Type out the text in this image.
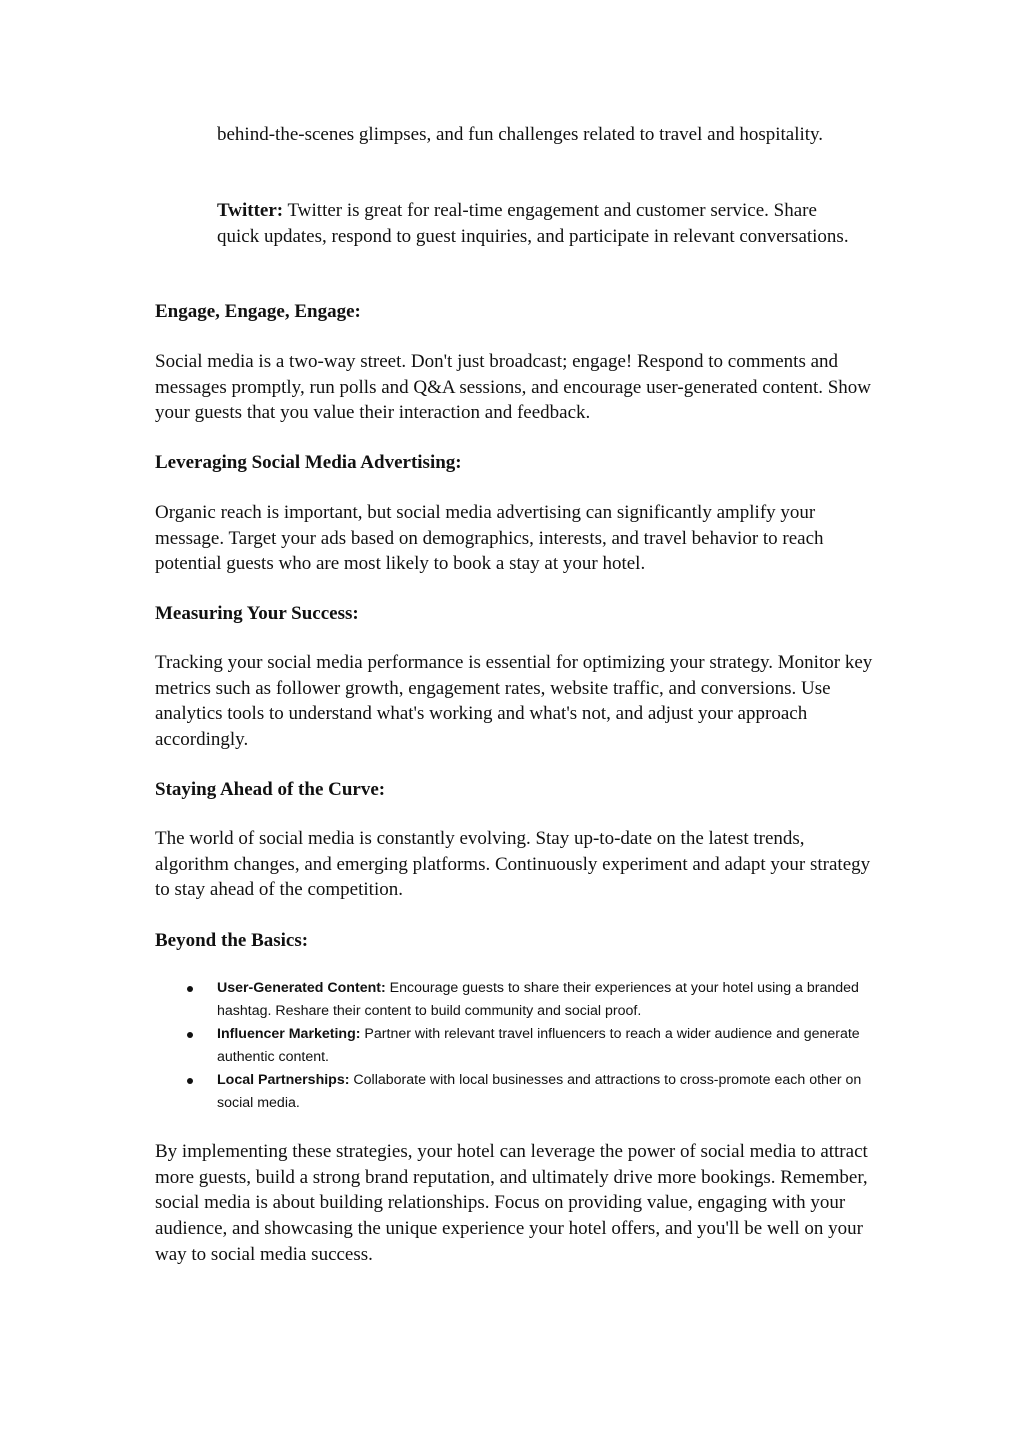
behind-the-scenes glimpses, and fun challenges related to travel and hospitality.

Twitter: Twitter is great for real-time engagement and customer service. Share quick updates, respond to guest inquiries, and participate in relevant conversations.

Engage, Engage, Engage:

Social media is a two-way street. Don't just broadcast; engage! Respond to comments and messages promptly, run polls and Q&A sessions, and encourage user-generated content. Show your guests that you value their interaction and feedback.

Leveraging Social Media Advertising:

Organic reach is important, but social media advertising can significantly amplify your message. Target your ads based on demographics, interests, and travel behavior to reach potential guests who are most likely to book a stay at your hotel.

Measuring Your Success:

Tracking your social media performance is essential for optimizing your strategy. Monitor key metrics such as follower growth, engagement rates, website traffic, and conversions. Use analytics tools to understand what's working and what's not, and adjust your approach accordingly.

Staying Ahead of the Curve:

The world of social media is constantly evolving. Stay up-to-date on the latest trends, algorithm changes, and emerging platforms. Continuously experiment and adapt your strategy to stay ahead of the competition.

Beyond the Basics:

User-Generated Content: Encourage guests to share their experiences at your hotel using a branded hashtag. Reshare their content to build community and social proof.
Influencer Marketing: Partner with relevant travel influencers to reach a wider audience and generate authentic content.
Local Partnerships: Collaborate with local businesses and attractions to cross-promote each other on social media.

By implementing these strategies, your hotel can leverage the power of social media to attract more guests, build a strong brand reputation, and ultimately drive more bookings. Remember, social media is about building relationships. Focus on providing value, engaging with your audience, and showcasing the unique experience your hotel offers, and you'll be well on your way to social media success.
